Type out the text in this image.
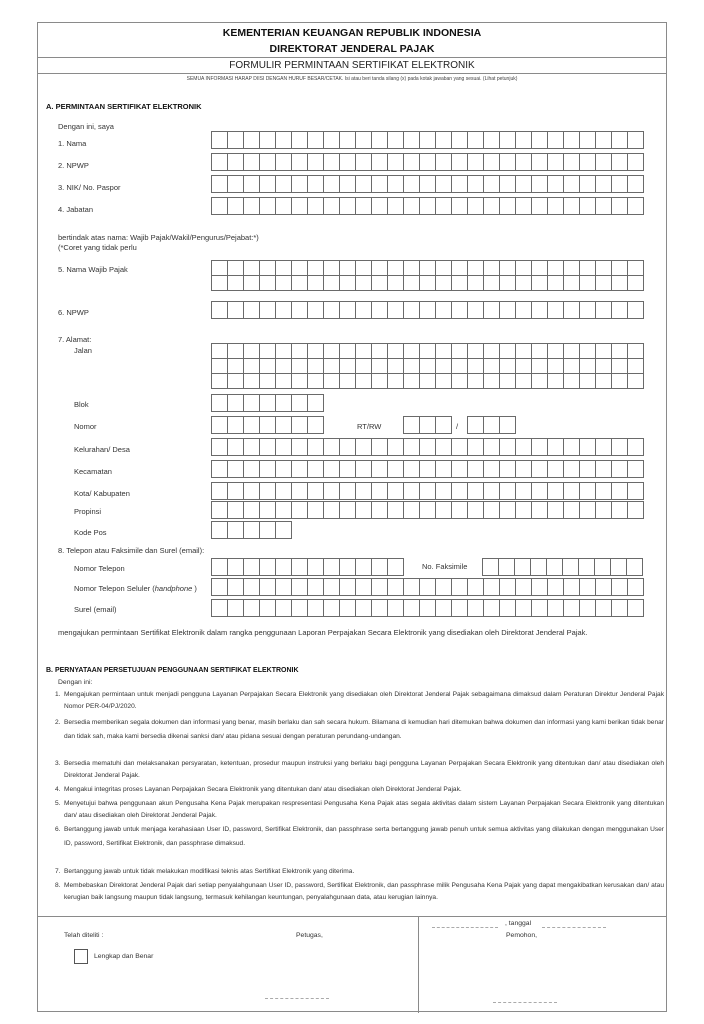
KEMENTERIAN KEUANGAN REPUBLIK INDONESIA
DIREKTORAT JENDERAL PAJAK
FORMULIR PERMINTAAN SERTIFIKAT ELEKTRONIK
SEMUA INFORMASI HARAP DIISI DENGAN HURUF BESAR/CETAK. Isi atau beri tanda silang (x) pada kotak jawaban yang sesuai. (Lihat petunjuk)
A. PERMINTAAN SERTIFIKAT ELEKTRONIK
Dengan ini, saya
1. Nama
2. NPWP
3. NIK/ No. Paspor
4. Jabatan
bertindak atas nama: Wajib Pajak/Wakil/Pengurus/Pejabat:*)
(*Coret yang tidak perlu
5. Nama Wajib Pajak
6. NPWP
7. Alamat:
Jalan
Blok
Nomor	RT/RW	/
Kelurahan/ Desa
Kecamatan
Kota/ Kabupaten
Propinsi
Kode Pos
8. Telepon atau Faksimile dan Surel (email):
Nomor Telepon	No. Faksimile
Nomor Telepon Seluler (handphone )
Surel (email)
mengajukan permintaan Sertifikat Elektronik dalam rangka penggunaan Laporan Perpajakan Secara Elektronik yang disediakan oleh Direktorat Jenderal Pajak.
B. PERNYATAAN PERSETUJUAN PENGGUNAAN SERTIFIKAT ELEKTRONIK
Dengan ini:
1. Mengajukan permintaan untuk menjadi pengguna Layanan Perpajakan Secara Elektronik yang disediakan oleh Direktorat Jenderal Pajak sebagaimana dimaksud dalam Peraturan Direktur Jenderal Pajak Nomor PER-04/PJ/2020.
2. Bersedia memberikan segala dokumen dan informasi yang benar, masih berlaku dan sah secara hukum. Bilamana di kemudian hari ditemukan bahwa dokumen dan informasi yang kami berikan tidak benar dan tidak sah, maka kami bersedia dikenai sanksi dan/ atau pidana sesuai dengan peraturan perundang-undangan.
3. Bersedia mematuhi dan melaksanakan persyaratan, ketentuan, prosedur maupun instruksi yang berlaku bagi pengguna Layanan Perpajakan Secara Elektronik yang ditentukan dan/ atau disediakan oleh Direktorat Jenderal Pajak.
4. Mengakui integritas proses Layanan Perpajakan Secara Elektronik yang ditentukan dan/ atau disediakan oleh Direktorat Jenderal Pajak.
5. Menyetujui bahwa penggunaan akun Pengusaha Kena Pajak merupakan respresentasi Pengusaha Kena Pajak atas segala aktivitas dalam sistem Layanan Perpajakan Secara Elektronik yang ditentukan dan/ atau disediakan oleh Direktorat Jenderal Pajak.
6. Bertanggung jawab untuk menjaga kerahasiaan User ID, password, Sertifikat Elektronik, dan passphrase serta bertanggung jawab penuh untuk semua aktivitas yang dilakukan dengan menggunakan User ID, password, Sertifikat Elektronik, dan passphrase dimaksud.
7. Bertanggung jawab untuk tidak melakukan modifikasi teknis atas Sertifikat Elektronik yang diterima.
8. Membebaskan Direktorat Jenderal Pajak dari setiap penyalahgunaan User ID, password, Sertifikat Elektronik, dan passphrase milik Pengusaha Kena Pajak yang dapat mengakibatkan kerusakan dan/ atau kerugian baik langsung maupun tidak langsung, termasuk kehilangan keuntungan, penyalahgunaan data, atau kerugian lainnya.
Telah diteliti :	Petugas,
Lengkap dan Benar
, tanggal
Pemohon,
